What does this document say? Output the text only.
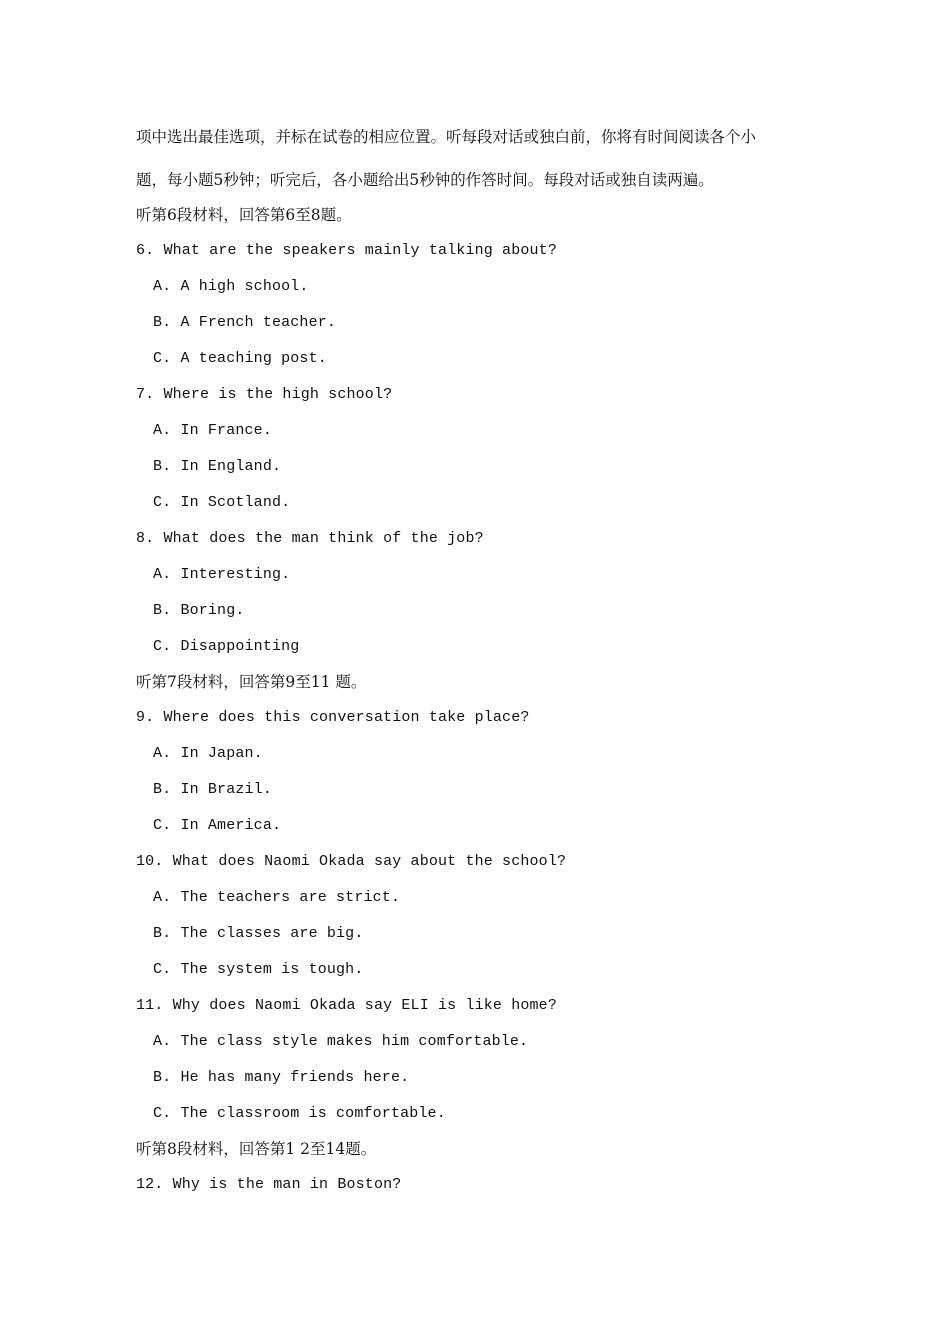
项中选出最佳选项，并标在试卷的相应位置。听每段对话或独白前，你将有时间阅读各个小
题，每小题5秒钟；听完后，各小题给出5秒钟的作答时间。每段对话或独自读两遍。
听第6段材料，回答第6至8题。
6. What are the speakers mainly talking about?
A. A high school.
B. A French teacher.
C. A teaching post.
7. Where is the high school?
A. In France.
B. In England.
C. In Scotland.
8. What does the man think of the job?
A. Interesting.
B. Boring.
C. Disappointing
听第7段材料，回答第9至11 题。
9. Where does this conversation take place?
A. In Japan.
B. In Brazil.
C. In America.
10. What does Naomi Okada say about the school?
A. The teachers are strict.
B. The classes are big.
C. The system is tough.
11. Why does Naomi Okada say ELI is like home?
A. The class style makes him comfortable.
B. He has many friends here.
C. The classroom is comfortable.
听第8段材料，回答第1 2至14题。
12. Why is the man in Boston?
